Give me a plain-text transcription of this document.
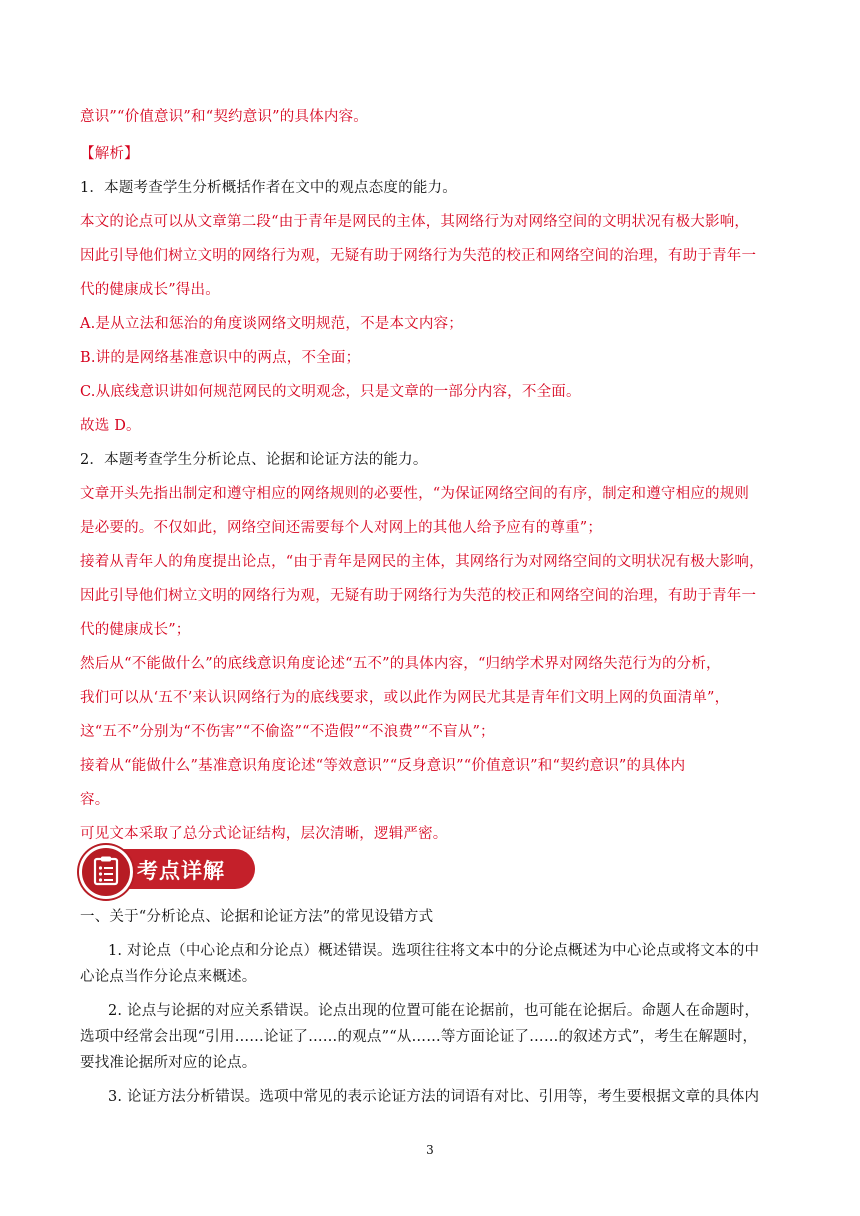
意识”“价值意识”和“契约意识”的具体内容。
【解析】
1．本题考查学生分析概括作者在文中的观点态度的能力。
本文的论点可以从文章第二段“由于青年是网民的主体，其网络行为对网络空间的文明状况有极大影响，
因此引导他们树立文明的网络行为观，无疑有助于网络行为失范的校正和网络空间的治理，有助于青年一
代的健康成长”得出。
A.是从立法和惩治的角度谈网络文明规范，不是本文内容；
B.讲的是网络基准意识中的两点，不全面；
C.从底线意识讲如何规范网民的文明观念，只是文章的一部分内容，不全面。
故选 D。
2．本题考查学生分析论点、论据和论证方法的能力。
文章开头先指出制定和遵守相应的网络规则的必要性，“为保证网络空间的有序，制定和遵守相应的规则
是必要的。不仅如此，网络空间还需要每个人对网上的其他人给予应有的尊重”；
接着从青年人的角度提出论点，“由于青年是网民的主体，其网络行为对网络空间的文明状况有极大影响，
因此引导他们树立文明的网络行为观，无疑有助于网络行为失范的校正和网络空间的治理，有助于青年一
代的健康成长”；
然后从“不能做什么”的底线意识角度论述“五不”的具体内容，“归纳学术界对网络失范行为的分析，
我们可以从‘五不’来认识网络行为的底线要求，或以此作为网民尤其是青年们文明上网的负面清单”，
这“五不”分别为“不伤害”“不偷盗”“不造假”“不浪费”“不盲从”；
接着从“能做什么”基准意识角度论述“等效意识”“反身意识”“价值意识”和“契约意识”的具体内
容。
可见文本采取了总分式论证结构，层次清晰，逻辑严密。
考点详解
一、关于“分析论点、论据和论证方法”的常见设错方式
1. 对论点（中心论点和分论点）概述错误。选项往往将文本中的分论点概述为中心论点或将文本的中
心论点当作分论点来概述。
2. 论点与论据的对应关系错误。论点出现的位置可能在论据前，也可能在论据后。命题人在命题时，
选项中经常会出现“引用……论证了……的观点”“从……等方面论证了……的叙述方式”，考生在解题时，
要找准论据所对应的论点。
3. 论证方法分析错误。选项中常见的表示论证方法的词语有对比、引用等，考生要根据文章的具体内
3
